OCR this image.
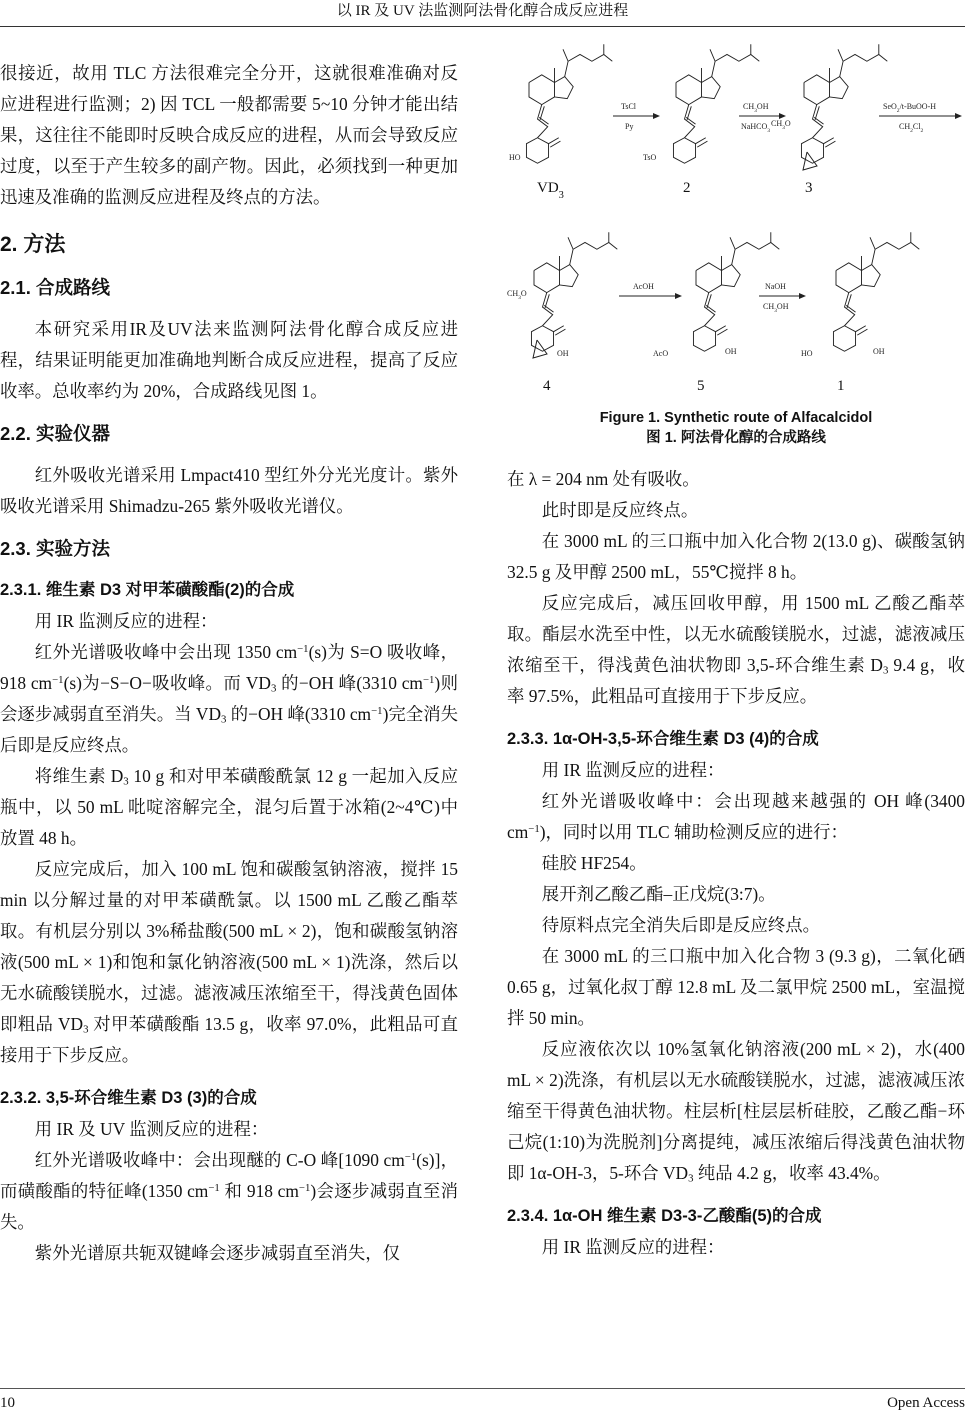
以 IR 及 UV 法监测阿法骨化醇合成反应进程

很接近，故用 TLC 方法很难完全分开，这就很难准确对反应进程进行监测；2) 因 TCL 一般都需要 5~10 分钟才能出结果，这往往不能即时反映合成反应的进程，从而会导致反应过度，以至于产生较多的副产物。因此，必须找到一种更加迅速及准确的监测反应进程及终点的方法。

2. 方法
2.1. 合成路线

本研究采用IR及UV法来监测阿法骨化醇合成反应进程，结果证明能更加准确地判断合成反应进程，提高了反应收率。总收率约为 20%，合成路线见图 1。

2.2. 实验仪器

红外吸收光谱采用 Lmpact410 型红外分光光度计。紫外吸收光谱采用 Shimadzu-265 紫外吸收光谱仪。

2.3. 实验方法
2.3.1. 维生素 D3 对甲苯磺酸酯(2)的合成

用 IR 监测反应的进程：

红外光谱吸收峰中会出现 1350 $cm^{-1}(s)$为 S=O 吸收峰，918 $cm^{-1}(s)$为−S−O−吸收峰。而 $VD_3$ 的−OH 峰(3310 $cm^{-1}$)则会逐步减弱直至消失。当 $VD_3$ 的−OH 峰(3310 $cm^{-1}$)完全消失后即是反应终点。

将维生素 $D_3$ 10 g 和对甲苯磺酸酰氯 12 g 一起加入反应瓶中，以 50 mL 吡啶溶解完全，混匀后置于冰箱(2~4℃)中放置 48 h。

反应完成后，加入 100 mL 饱和碳酸氢钠溶液，搅拌 15 min 以分解过量的对甲苯磺酰氯。以 1500 mL 乙酸乙酯萃取。有机层分别以 3%稀盐酸(500 mL × 2)，饱和碳酸氢钠溶液(500 mL × 1)和饱和氯化钠溶液(500 mL × 1)洗涤，然后以无水硫酸镁脱水，过滤。滤液减压浓缩至干，得浅黄色固体即粗品 $VD_3$ 对甲苯磺酸酯 13.5 g，收率 97.0%，此粗品可直接用于下步反应。

2.3.2. 3,5-环合维生素 D3 (3)的合成

用 IR 及 UV 监测反应的进程：

红外光谱吸收峰中：会出现醚的 C-O 峰[1090 $cm^{-1}(s)$]，而磺酸酯的特征峰(1350 $cm^{-1}$ 和 918 $cm^{-1}$)会逐步减弱直至消失。

紫外光谱原共轭双键峰会逐步减弱直至消失，仅

HO
TsCl
Py
TsO
$CH_3OH$
NaHCO$_3$
$CH_3O$
SeO$_2$/t-BuOO-H
$CH_2Cl_2$
$VD_3$	2	3
$CH_3O$
OH
AcOH
AcO	OH
NaOH
$CH_3OH$
HO	OH
4	5	1
Figure 1. Synthetic route of Alfacalcidol
图 1. 阿法骨化醇的合成路线

在 λ = 204 nm 处有吸收。

此时即是反应终点。

在 3000 mL 的三口瓶中加入化合物 2(13.0 g)、碳酸氢钠 32.5 g 及甲醇 2500 mL，55℃搅拌 8 h。

反应完成后，减压回收甲醇，用 1500 mL 乙酸乙酯萃取。酯层水洗至中性，以无水硫酸镁脱水，过滤，滤液减压浓缩至干，得浅黄色油状物即 3,5-环合维生素 $D_3$ 9.4 g，收率 97.5%，此粗品可直接用于下步反应。

2.3.3. 1α-OH-3,5-环合维生素 D3 (4)的合成

用 IR 监测反应的进程：

红外光谱吸收峰中：会出现越来越强的 OH 峰(3400 $cm^{-1}$)，同时以用 TLC 辅助检测反应的进行：

硅胶 HF254。

展开剂乙酸乙酯–正戊烷(3:7)。

待原料点完全消失后即是反应终点。

在 3000 mL 的三口瓶中加入化合物 3 (9.3 g)，二氧化硒 0.65 g，过氧化叔丁醇 12.8 mL 及二氯甲烷 2500 mL，室温搅拌 50 min。

反应液依次以 10%氢氧化钠溶液(200 mL × 2)，水(400 mL × 2)洗涤，有机层以无水硫酸镁脱水，过滤，滤液减压浓缩至干得黄色油状物。柱层析[柱层层析硅胶，乙酸乙酯−环己烷(1:10)为洗脱剂]分离提纯，减压浓缩后得浅黄色油状物即 1α-OH-3，5-环合 $VD_3$ 纯品 4.2 g，收率 43.4%。

2.3.4. 1α-OH 维生素 D3-3-乙酸酯(5)的合成

用 IR 监测反应的进程：

10	Open Access
